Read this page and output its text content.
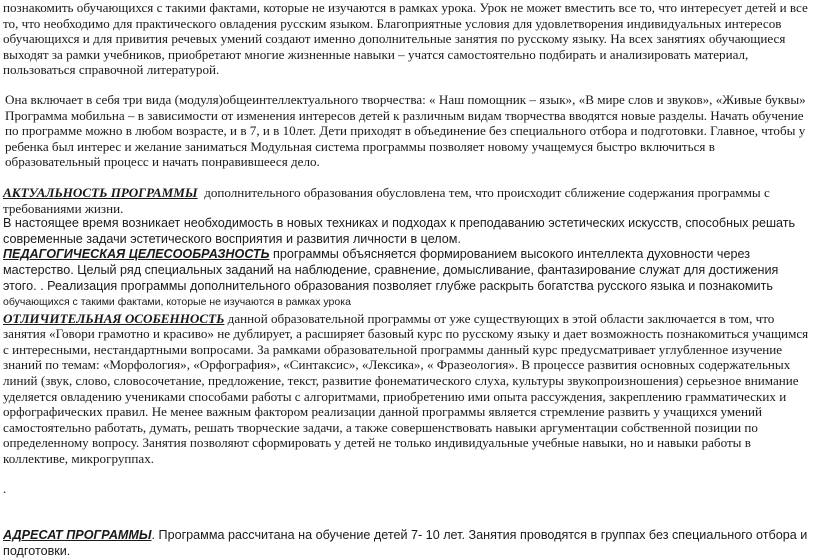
познакомить обучающихся с такими фактами, которые не изучаются в рамках урока. Урок не может вместить все то, что интересует детей и все то, что необходимо для практического овладения русским языком. Благоприятные условия для удовлетворения индивидуальных интересов обучающихся и для привития речевых умений создают именно дополнительные занятия по русскому языку. На всех занятиях обучающиеся выходят за рамки учебников, приобретают многие жизненные навыки – учатся самостоятельно подбирать и анализировать материал, пользоваться справочной литературой.

Она включает в себя три вида (модуля)общеинтеллектуального творчества: « Наш помощник – язык», «В мире слов и звуков», «Живые буквы» Программа мобильна – в зависимости от изменения интересов детей к различным видам творчества вводятся новые разделы. Начать обучение по программе можно в любом возрасте, и в 7, и в 10лет. Дети приходят в объединение без специального отбора и подготовки. Главное, чтобы у ребенка был интерес и желание заниматься Модульная система программы позволяет новому учащемуся быстро включиться в образовательный процесс и начать понравившееся дело.

АКТУАЛЬНОСТЬ ПРОГРАММЫ дополнительного образования обусловлена тем, что происходит сближение содержания программы с требованиями жизни.

В настоящее время возникает необходимость в новых техниках и подходах к преподаванию эстетических искусств, способных решать современные задачи эстетического восприятия и развития личности в целом.

ПЕДАГОГИЧЕСКАЯ ЦЕЛЕСООБРАЗНОСТЬ программы объясняется формированием высокого интеллекта духовности через мастерство. Целый ряд специальных заданий на наблюдение, сравнение, домысливание, фантазирование служат для достижения этого. . Реализация программы дополнительного образования позволяет глубже раскрыть богатства русского языка и познакомить обучающихся с такими фактами, которые не изучаются в рамках урока

ОТЛИЧИТЕЛЬНАЯ ОСОБЕННОСТЬ данной образовательной программы от уже существующих в этой области заключается в том, что занятия «Говори грамотно и красиво» не дублирует, а расширяет базовый курс по русскому языку и дает возможность познакомиться учащимся с интересными, нестандартными вопросами. За рамками образовательной программы данный курс предусматривает углубленное изучение знаний по темам: «Морфология», «Орфография», «Синтаксис», «Лексика», « Фразеология». В процессе развития основных содержательных линий (звук, слово, словосочетание, предложение, текст, развитие фонематического слуха, культуры звукопроизношения) серьезное внимание уделяется овладению учениками способами работы с алгоритмами, приобретению ими опыта рассуждения, закреплению грамматических и орфографических правил. Не менее важным фактором реализации данной программы является стремление развить у учащихся умений самостоятельно работать, думать, решать творческие задачи, а также совершенствовать навыки аргументации собственной позиции по определенному вопросу. Занятия позволяют сформировать у детей не только индивидуальные учебные навыки, но и навыки работы в коллективе, микрогруппах.

.

АДРЕСАТ ПРОГРАММЫ. Программа рассчитана на обучение детей 7- 10 лет. Занятия проводятся в группах без специального отбора и подготовки.
